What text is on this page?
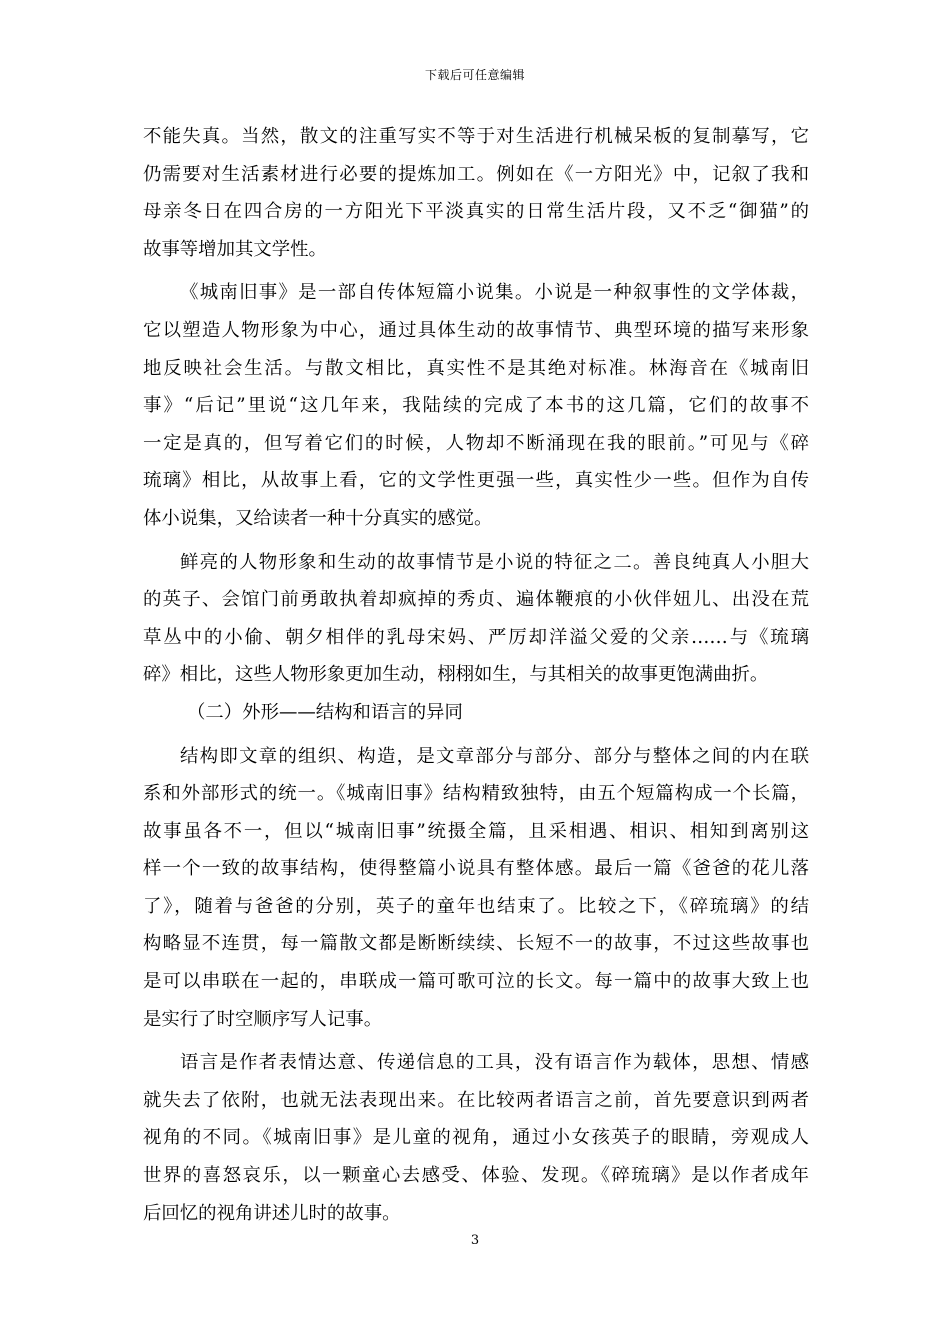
下载后可任意编辑
不能失真。当然，散文的注重写实不等于对生活进行机械呆板的复制摹写，它
仍需要对生活素材进行必要的提炼加工。例如在《一方阳光》中，记叙了我和
母亲冬日在四合房的一方阳光下平淡真实的日常生活片段，又不乏“御猫”的
故事等增加其文学性。
《城南旧事》是一部自传体短篇小说集。小说是一种叙事性的文学体裁，
它以塑造人物形象为中心，通过具体生动的故事情节、典型环境的描写来形象
地反映社会生活。与散文相比，真实性不是其绝对标准。林海音在《城南旧
事》“后记”里说“这几年来，我陆续的完成了本书的这几篇，它们的故事不
一定是真的，但写着它们的时候，人物却不断涌现在我的眼前。”可见与《碎
琉璃》相比，从故事上看，它的文学性更强一些，真实性少一些。但作为自传
体小说集，又给读者一种十分真实的感觉。
鲜亮的人物形象和生动的故事情节是小说的特征之二。善良纯真人小胆大
的英子、会馆门前勇敢执着却疯掉的秀贞、遍体鞭痕的小伙伴妞儿、出没在荒
草丛中的小偷、朝夕相伴的乳母宋妈、严厉却洋溢父爱的父亲……与《琉璃
碎》相比，这些人物形象更加生动，栩栩如生，与其相关的故事更饱满曲折。
（二）外形——结构和语言的异同
结构即文章的组织、构造，是文章部分与部分、部分与整体之间的内在联
系和外部形式的统一。《城南旧事》结构精致独特，由五个短篇构成一个长篇，
故事虽各不一，但以“城南旧事”统摄全篇，且采相遇、相识、相知到离别这
样一个一致的故事结构，使得整篇小说具有整体感。最后一篇《爸爸的花儿落
了》，随着与爸爸的分别，英子的童年也结束了。比较之下，《碎琉璃》的结
构略显不连贯，每一篇散文都是断断续续、长短不一的故事，不过这些故事也
是可以串联在一起的，串联成一篇可歌可泣的长文。每一篇中的故事大致上也
是实行了时空顺序写人记事。
语言是作者表情达意、传递信息的工具，没有语言作为载体，思想、情感
就失去了依附，也就无法表现出来。在比较两者语言之前，首先要意识到两者
视角的不同。《城南旧事》是儿童的视角，通过小女孩英子的眼睛，旁观成人
世界的喜怒哀乐，以一颗童心去感受、体验、发现。《碎琉璃》是以作者成年
后回忆的视角讲述儿时的故事。
3
